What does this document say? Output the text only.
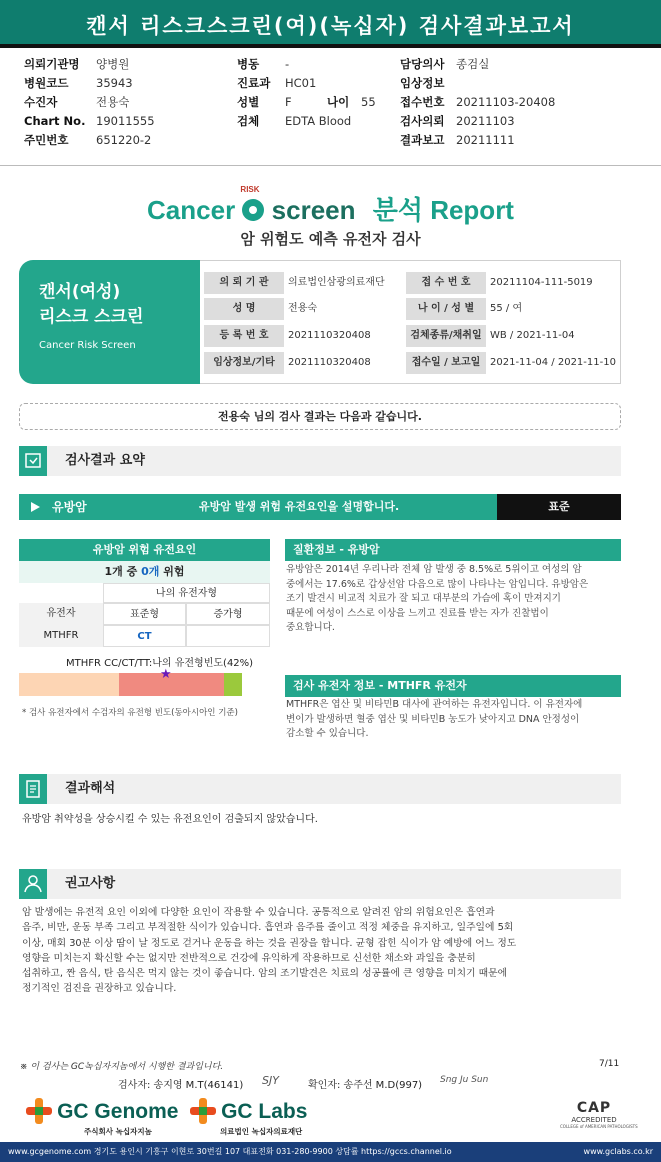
캔서 리스크스크린(여)(녹십자) 검사결과보고서
의뢰기관명 양병원
병원코드 35943
수진자	전용숙
Chart No. 19011555
주민번호 651220-2
병동 -
진료과 HC01
성별 F	나이 55
검체 EDTA Blood
담당의사 종검실
임상정보
접수번호 20211103-20408
검사의뢰 20211103
결과보고 20211111
Cancer
RISK
screen 분석 Report
암 위험도 예측 유전자 검사
캔서(여성)
리스크 스크린
Cancer Risk Screen
의 뢰 기 관	의료법인삼광의료재단	접 수 번 호	20211104-111-5019
성 명	전용숙	나 이 / 성 별	55 / 여
등 록 번 호	2021110320408	검체종류/채취일 WB / 2021-11-04
임상정보/기타	2021110320408	접수일 / 보고일 2021-11-04 / 2021-11-10
전용숙 님의 검사 결과는 다음과 같습니다.
검사결과 요약
유방암	유방암 발생 위험 유전요인을 설명합니다.	표준
유방암 위험 유전요인
1개 중 0개 위험
나의 유전자형
유전자	표준형	증가형
MTHFR	CT
MTHFR CC/CT/TT:나의 유전형빈도(42%)
★
* 검사 유전자에서 수검자의 유전형 빈도(동아시아인 기준)
질환정보 - 유방암
유방암은 2014년 우리나라 전체 암 발생 중 8.5%로 5위이고 여성의 암
중에서는 17.6%로 갑상선암 다음으로 많이 나타나는 암입니다. 유방암은
조기 발견시 비교적 치료가 잘 되고 대부분의 가슴에 혹이 만져지기
때문에 여성이 스스로 이상을 느끼고 진료를 받는 자가 진찰법이
중요합니다.
검사 유전자 정보 - MTHFR 유전자
MTHFR은 엽산 및 비타민B 대사에 관여하는 유전자입니다. 이 유전자에
변이가 발생하면 혈중 엽산 및 비타민B 농도가 낮아지고 DNA 안정성이
감소할 수 있습니다.
결과해석
유방암 취약성을 상승시킬 수 있는 유전요인이 검출되지 않았습니다.
권고사항
암 발생에는 유전적 요인 이외에 다양한 요인이 작용할 수 있습니다. 공통적으로 알려진 암의 위험요인은 흡연과
음주, 비만, 운동 부족 그리고 부적절한 식이가 있습니다. 흡연과 음주를 줄이고 적정 체중을 유지하고, 일주일에 5회
이상, 매회 30분 이상 땀이 날 정도로 걷거나 운동을 하는 것을 권장을 합니다. 균형 잡힌 식이가 암 예방에 어느 정도
영향을 미치는지 확신할 수는 없지만 전반적으로 건강에 유익하게 작용하므로 신선한 채소와 과일을 충분히
섭취하고, 짠 음식, 탄 음식은 먹지 않는 것이 좋습니다. 암의 조기발견은 치료의 성공률에 큰 영향을 미치기 때문에
정기적인 검진을 권장하고 있습니다.
※ 이 검사는 GC녹십자지놈에서 시행한 결과입니다.	7/11
검사자: 송지영 M.T(46141) SJY	확인자: 송주선 M.D(997) Sng Ju Sun
GC Genome
주식회사 녹십자지놈
GC Labs
의료법인 녹십자의료재단
CAP
ACCREDITED
COLLEGE of AMERICAN PATHOLOGISTS
www.gcgenome.com 경기도 용인시 기흥구 이현로 30번길 107 대표전화 031-280-9900 상담률 https://gccs.channel.io	www.gclabs.co.kr
